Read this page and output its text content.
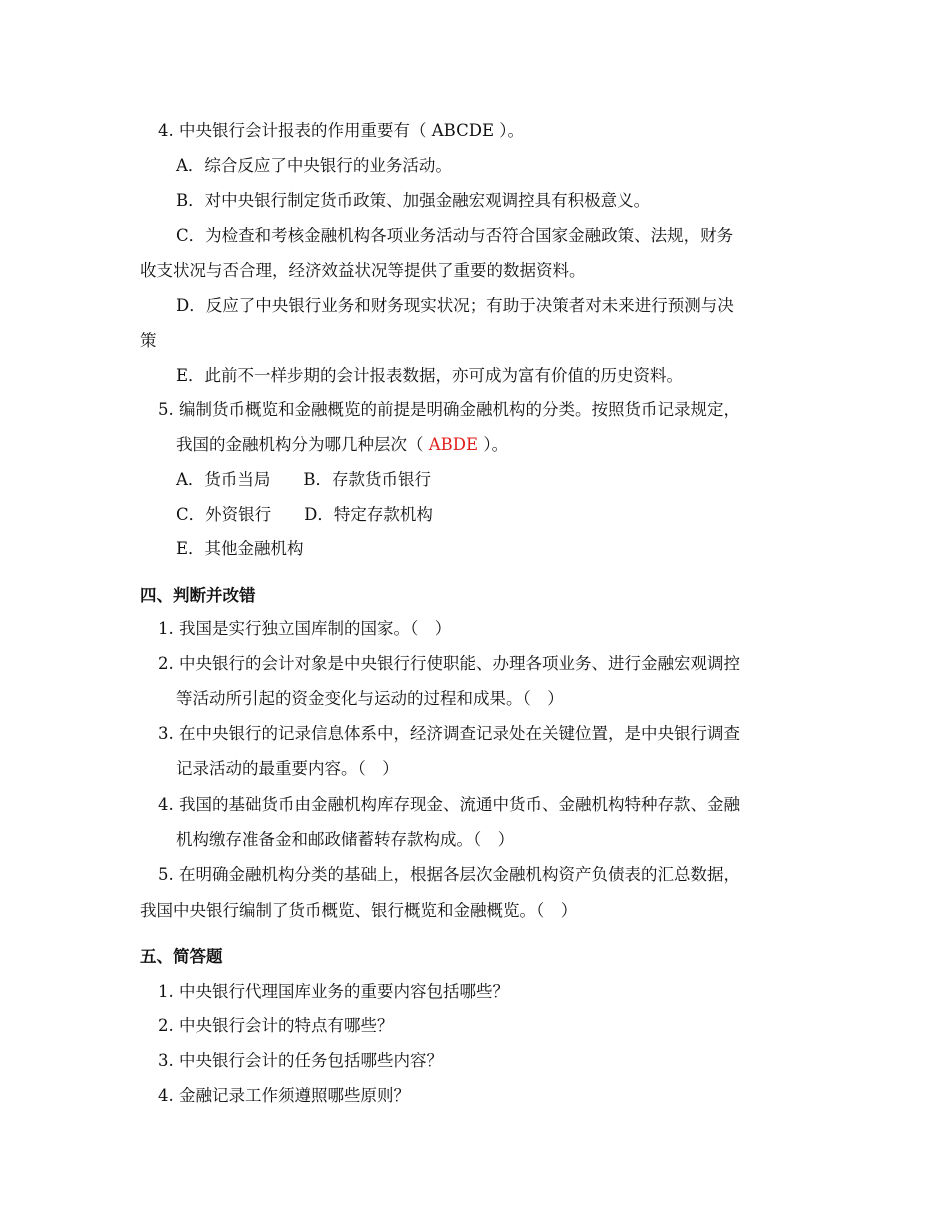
4. 中央银行会计报表的作用重要有（ ABCDE ）。
A．综合反应了中央银行的业务活动。
B．对中央银行制定货币政策、加强金融宏观调控具有积极意义。
C．为检查和考核金融机构各项业务活动与否符合国家金融政策、法规，财务
收支状况与否合理，经济效益状况等提供了重要的数据资料。
D．反应了中央银行业务和财务现实状况；有助于决策者对未来进行预测与决
策
E．此前不一样步期的会计报表数据，亦可成为富有价值的历史资料。
5. 编制货币概览和金融概览的前提是明确金融机构的分类。按照货币记录规定，
我国的金融机构分为哪几种层次（ ABDE ）。
A．货币当局　　B．存款货币银行
C．外资银行　　D．特定存款机构
E．其他金融机构
四、判断并改错
1. 我国是实行独立国库制的国家。（　）
2. 中央银行的会计对象是中央银行行使职能、办理各项业务、进行金融宏观调控
等活动所引起的资金变化与运动的过程和成果。（　）
3. 在中央银行的记录信息体系中，经济调查记录处在关键位置，是中央银行调查
记录活动的最重要内容。（　）
4. 我国的基础货币由金融机构库存现金、流通中货币、金融机构特种存款、金融
机构缴存准备金和邮政储蓄转存款构成。（　）
5. 在明确金融机构分类的基础上，根据各层次金融机构资产负债表的汇总数据，
我国中央银行编制了货币概览、银行概览和金融概览。（　）
五、简答题
1. 中央银行代理国库业务的重要内容包括哪些？
2. 中央银行会计的特点有哪些？
3. 中央银行会计的任务包括哪些内容？
4. 金融记录工作须遵照哪些原则？
